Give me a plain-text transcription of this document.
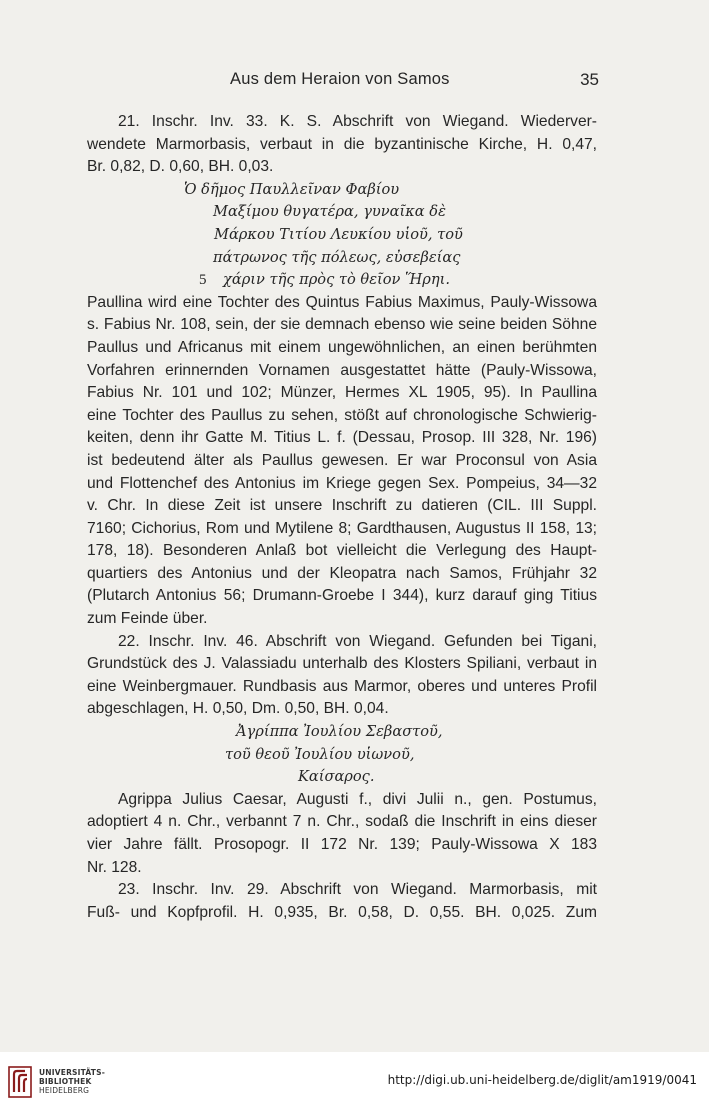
Aus dem Heraion von Samos	35
21. Inschr. Inv. 33. K. S. Abschrift von Wiegand. Wiederver-
wendete Marmorbasis, verbaut in die byzantinische Kirche, H. 0,47,
Br. 0,82, D. 0,60, BH. 0,03.
Ὁ δῆμος Παυλλεῖναν Φαβίου
Μαξίμου θυγατέρα, γυναῖκα δὲ
Μάρκου Τιτίου Λευκίου υἱοῦ, τοῦ
πάτρωνος τῆς πόλεως, εὐσεβείας
5 χάριν τῆς πρὸς τὸ θεῖον Ἥρηι.
Paullina wird eine Tochter des Quintus Fabius Maximus, Pauly-Wissowa
s. Fabius Nr. 108, sein, der sie demnach ebenso wie seine beiden Söhne
Paullus und Africanus mit einem ungewöhnlichen, an einen berühmten
Vorfahren erinnernden Vornamen ausgestattet hätte (Pauly-Wissowa,
Fabius Nr. 101 und 102; Münzer, Hermes XL 1905, 95). In Paullina
eine Tochter des Paullus zu sehen, stößt auf chronologische Schwierig-
keiten, denn ihr Gatte M. Titius L. f. (Dessau, Prosop. III 328, Nr. 196)
ist bedeutend älter als Paullus gewesen. Er war Proconsul von Asia
und Flottenchef des Antonius im Kriege gegen Sex. Pompeius, 34—32
v. Chr. In diese Zeit ist unsere Inschrift zu datieren (CIL. III Suppl.
7160; Cichorius, Rom und Mytilene 8; Gardthausen, Augustus II 158, 13;
178, 18). Besonderen Anlaß bot vielleicht die Verlegung des Haupt-
quartiers des Antonius und der Kleopatra nach Samos, Frühjahr 32
(Plutarch Antonius 56; Drumann-Groebe I 344), kurz darauf ging Titius
zum Feinde über.
22. Inschr. Inv. 46. Abschrift von Wiegand. Gefunden bei Tigani,
Grundstück des J. Valassiadu unterhalb des Klosters Spiliani, verbaut in
eine Weinbergmauer. Rundbasis aus Marmor, oberes und unteres Profil
abgeschlagen, H. 0,50, Dm. 0,50, BH. 0,04.
Ἀγρίππα Ἰουλίου Σεβαστοῦ,
τοῦ θεοῦ Ἰουλίου υἱωνοῦ,
Καίσαρος.
Agrippa Julius Caesar, Augusti f., divi Julii n., gen. Postumus,
adoptiert 4 n. Chr., verbannt 7 n. Chr., sodaß die Inschrift in eins dieser
vier Jahre fällt. Prosopogr. II 172 Nr. 139; Pauly-Wissowa X 183
Nr. 128.
23. Inschr. Inv. 29. Abschrift von Wiegand. Marmorbasis, mit
Fuß- und Kopfprofil. H. 0,935, Br. 0,58, D. 0,55. BH. 0,025. Zum
UNIVERSITÄTS-
BIBLIOTHEK
HEIDELBERG
http://digi.ub.uni-heidelberg.de/diglit/am1919/0041
